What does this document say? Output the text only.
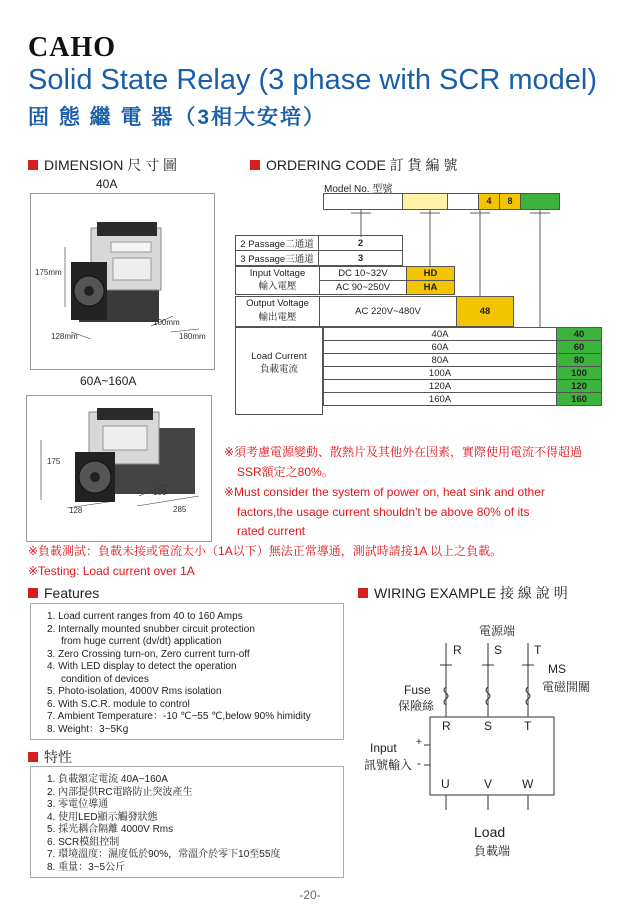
CAHO
Solid State Relay (3 phase with SCR model)
固 態 繼 電 器（3相大安培）
DIMENSION 尺 寸 圖
40A
175mm
128mm
100mm
180mm
60A~160A
175
128
100
285
ORDERING CODE 訂 貨 編 號
Model No. 型號
4	8
2 Passage二通道	2
3 Passage三通道	3
Input Voltage
輸入電壓
DC 10~32V	HD
AC 90~250V	HA
Output Voltage
輸出電壓
AC 220V~480V	48
Load Current
負載電流
40A	40
60A	60
80A	80
100A	100
120A	120
160A	160
※須考慮電源變動、散熱片及其他外在因素，實際使用電流不得超過
SSR額定之80%。
※Must consider the system of power on, heat sink and other
factors,the usage current shouldn't be above 80% of its
rated current
※負載測試：負載未接或電流太小（1A以下）無法正常導通，測試時請接1A 以上之負載。
※Testing: Load current over 1A
Features
1. Load current ranges from 40 to 160 Amps
2. Internally mounted snubber circuit protection
from huge current (dv/dt) application
3. Zero Crossing turn-on, Zero current turn-off
4. With LED display to detect the operation
condition of devices
5. Photo-isolation, 4000V Rms isolation
6. With S.C.R. module to control
7. Ambient Temperature：-10 ℃~55 ℃,below 90% himidity
8. Weight：3~5Kg
特性
1. 負載額定電流 40A~160A
2. 內部提供RC電路防止突波產生
3. 零電位導通
4. 使用LED顯示觸發狀態
5. 採光耦合隔離 4000V Rms
6. SCR模組控制
7. 環境溫度：濕度低於90%，常溫介於零下10至55度
8. 重量：3~5公斤
WIRING EXAMPLE 接 線 說 明
電源端
R	S	T
MS
電磁開關
Fuse
保險絲
R	S	T
Input +
訊號輸入 -
U	V W
Load
負載端
-20-
